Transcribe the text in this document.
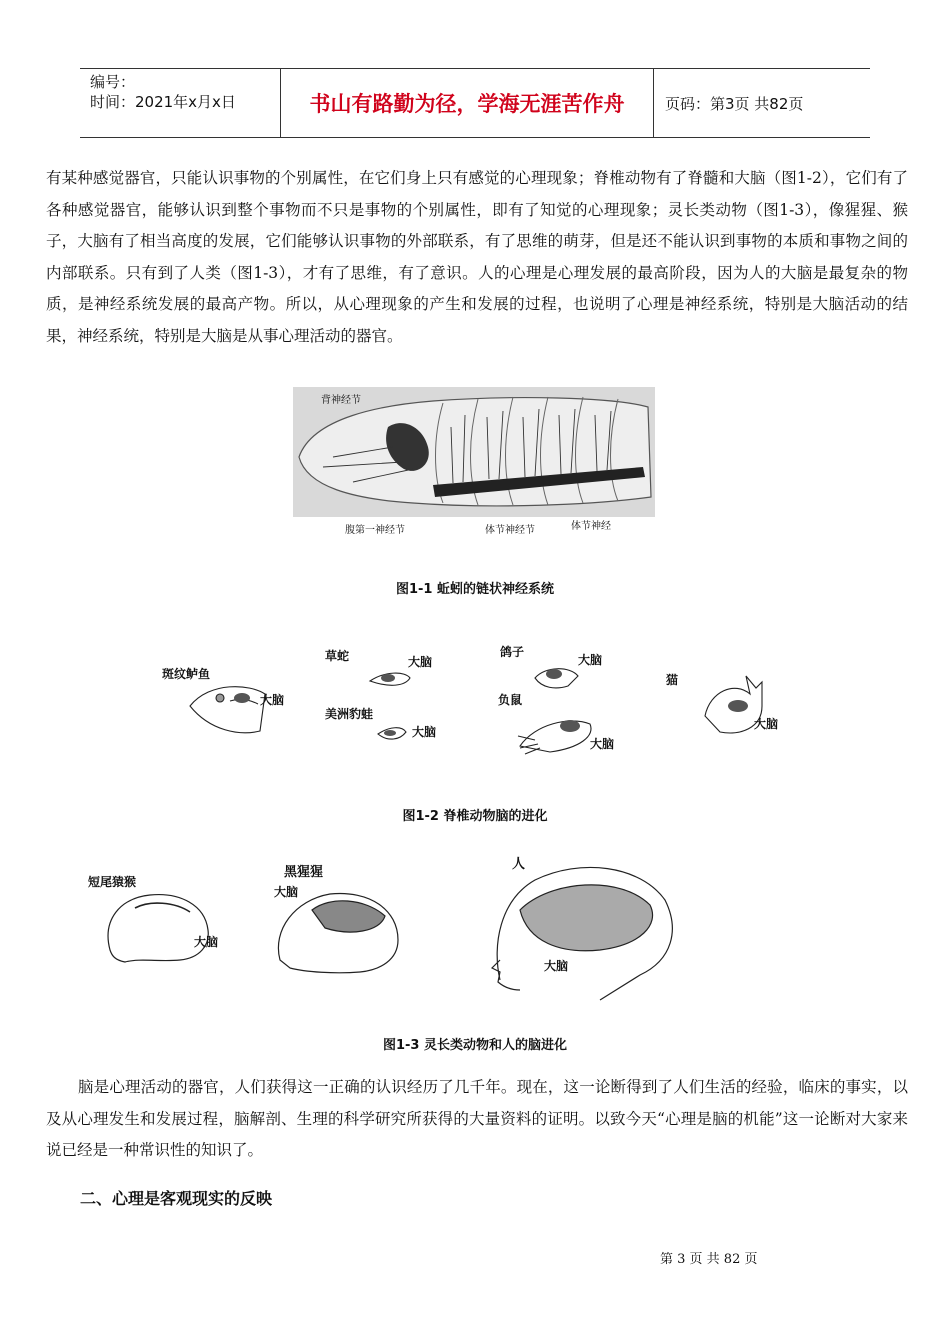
编号：
时间：2021年x月x日	书山有路勤为径，学海无涯苦作舟	页码：第3页 共82页
有某种感觉器官，只能认识事物的个别属性，在它们身上只有感觉的心理现象；脊椎动物有了脊髓和大脑（图1-2），它们有了各种感觉器官，能够认识到整个事物而不只是事物的个别属性，即有了知觉的心理现象；灵长类动物（图1-3），像猩猩、猴子，大脑有了相当高度的发展，它们能够认识事物的外部联系，有了思维的萌芽，但是还不能认识到事物的本质和事物之间的内部联系。只有到了人类（图1-3），才有了思维，有了意识。人的心理是心理发展的最高阶段，因为人的大脑是最复杂的物质，是神经系统发展的最高产物。所以，从心理现象的产生和发展的过程，也说明了心理是神经系统，特别是大脑活动的结果，神经系统，特别是大脑是从事心理活动的器官。
背神经节
腹第一神经节	体节神经节	体节神经
图1-1 蚯蚓的链状神经系统
斑纹鲈鱼
大脑
草蛇	大脑
美洲豹蛙
大脑
鸽子
大脑
负鼠
大脑
猫
大脑
图1-2 脊椎动物脑的进化
短尾猿猴
大脑
黑猩猩
大脑
人
大脑
图1-3 灵长类动物和人的脑进化
脑是心理活动的器官，人们获得这一正确的认识经历了几千年。现在，这一论断得到了人们生活的经验，临床的事实，以及从心理发生和发展过程，脑解剖、生理的科学研究所获得的大量资料的证明。以致今天“心理是脑的机能”这一论断对大家来说已经是一种常识性的知识了。
二、心理是客观现实的反映
第 3 页 共 82 页
